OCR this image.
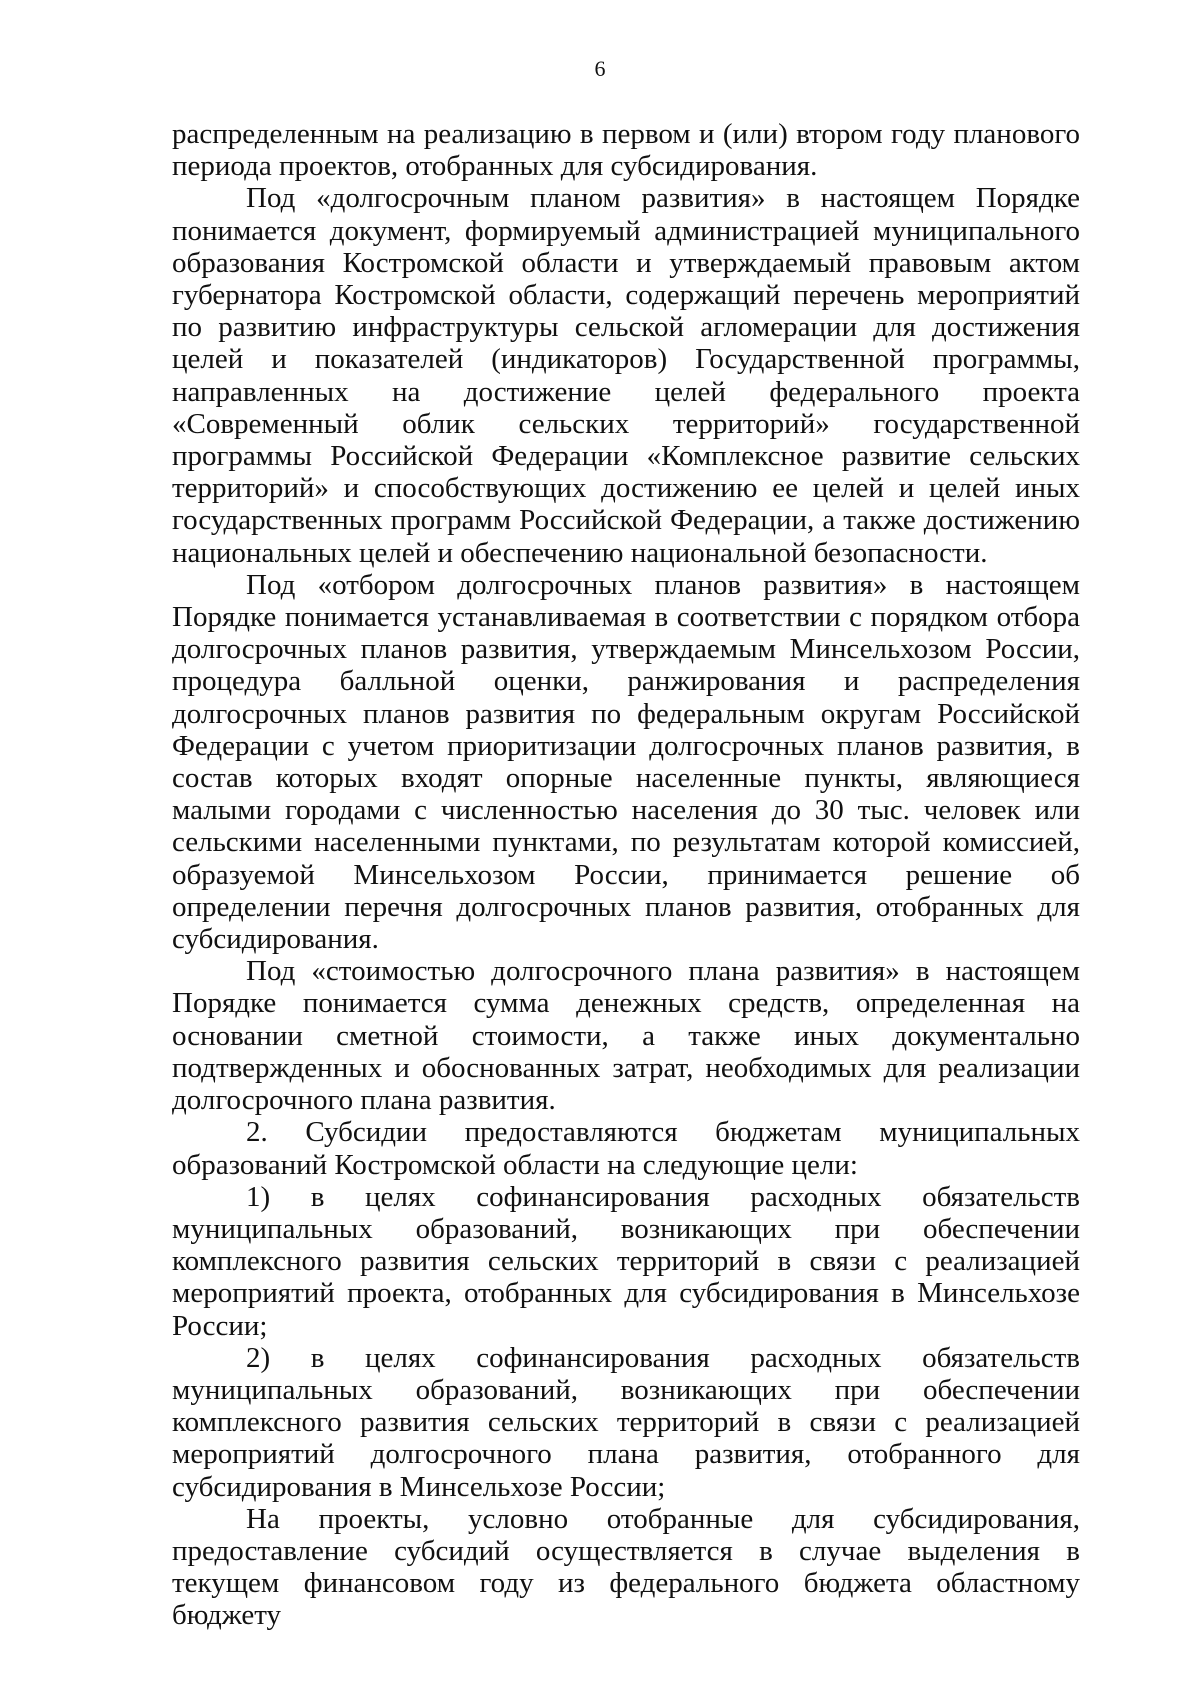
6

распределенным на реализацию в первом и (или) втором году планового периода проектов, отобранных для субсидирования.

Под «долгосрочным планом развития» в настоящем Порядке понимается документ, формируемый администрацией муниципального образования Костромской области и утверждаемый правовым актом губернатора Костромской области, содержащий перечень мероприятий по развитию инфраструктуры сельской агломерации для достижения целей и показателей (индикаторов) Государственной программы, направленных на достижение целей федерального проекта «Современный облик сельских территорий» государственной программы Российской Федерации «Комплексное развитие сельских территорий» и способствующих достижению ее целей и целей иных государственных программ Российской Федерации, а также достижению национальных целей и обеспечению национальной безопасности.

Под «отбором долгосрочных планов развития» в настоящем Порядке понимается устанавливаемая в соответствии с порядком отбора долгосрочных планов развития, утверждаемым Минсельхозом России, процедура балльной оценки, ранжирования и распределения долгосрочных планов развития по федеральным округам Российской Федерации с учетом приоритизации долгосрочных планов развития, в состав которых входят опорные населенные пункты, являющиеся малыми городами с численностью населения до 30 тыс. человек или сельскими населенными пунктами, по результатам которой комиссией, образуемой Минсельхозом России, принимается решение об определении перечня долгосрочных планов развития, отобранных для субсидирования.

Под «стоимостью долгосрочного плана развития» в настоящем Порядке понимается сумма денежных средств, определенная на основании сметной стоимости, а также иных документально подтвержденных и обоснованных затрат, необходимых для реализации долгосрочного плана развития.

2. Субсидии предоставляются бюджетам муниципальных образований Костромской области на следующие цели:

1) в целях софинансирования расходных обязательств муниципальных образований, возникающих при обеспечении комплексного развития сельских территорий в связи с реализацией мероприятий проекта, отобранных для субсидирования в Минсельхозе России;

2) в целях софинансирования расходных обязательств муниципальных образований, возникающих при обеспечении комплексного развития сельских территорий в связи с реализацией мероприятий долгосрочного плана развития, отобранного для субсидирования в Минсельхозе России;

На проекты, условно отобранные для субсидирования, предоставление субсидий осуществляется в случае выделения в текущем финансовом году из федерального бюджета областному бюджету
